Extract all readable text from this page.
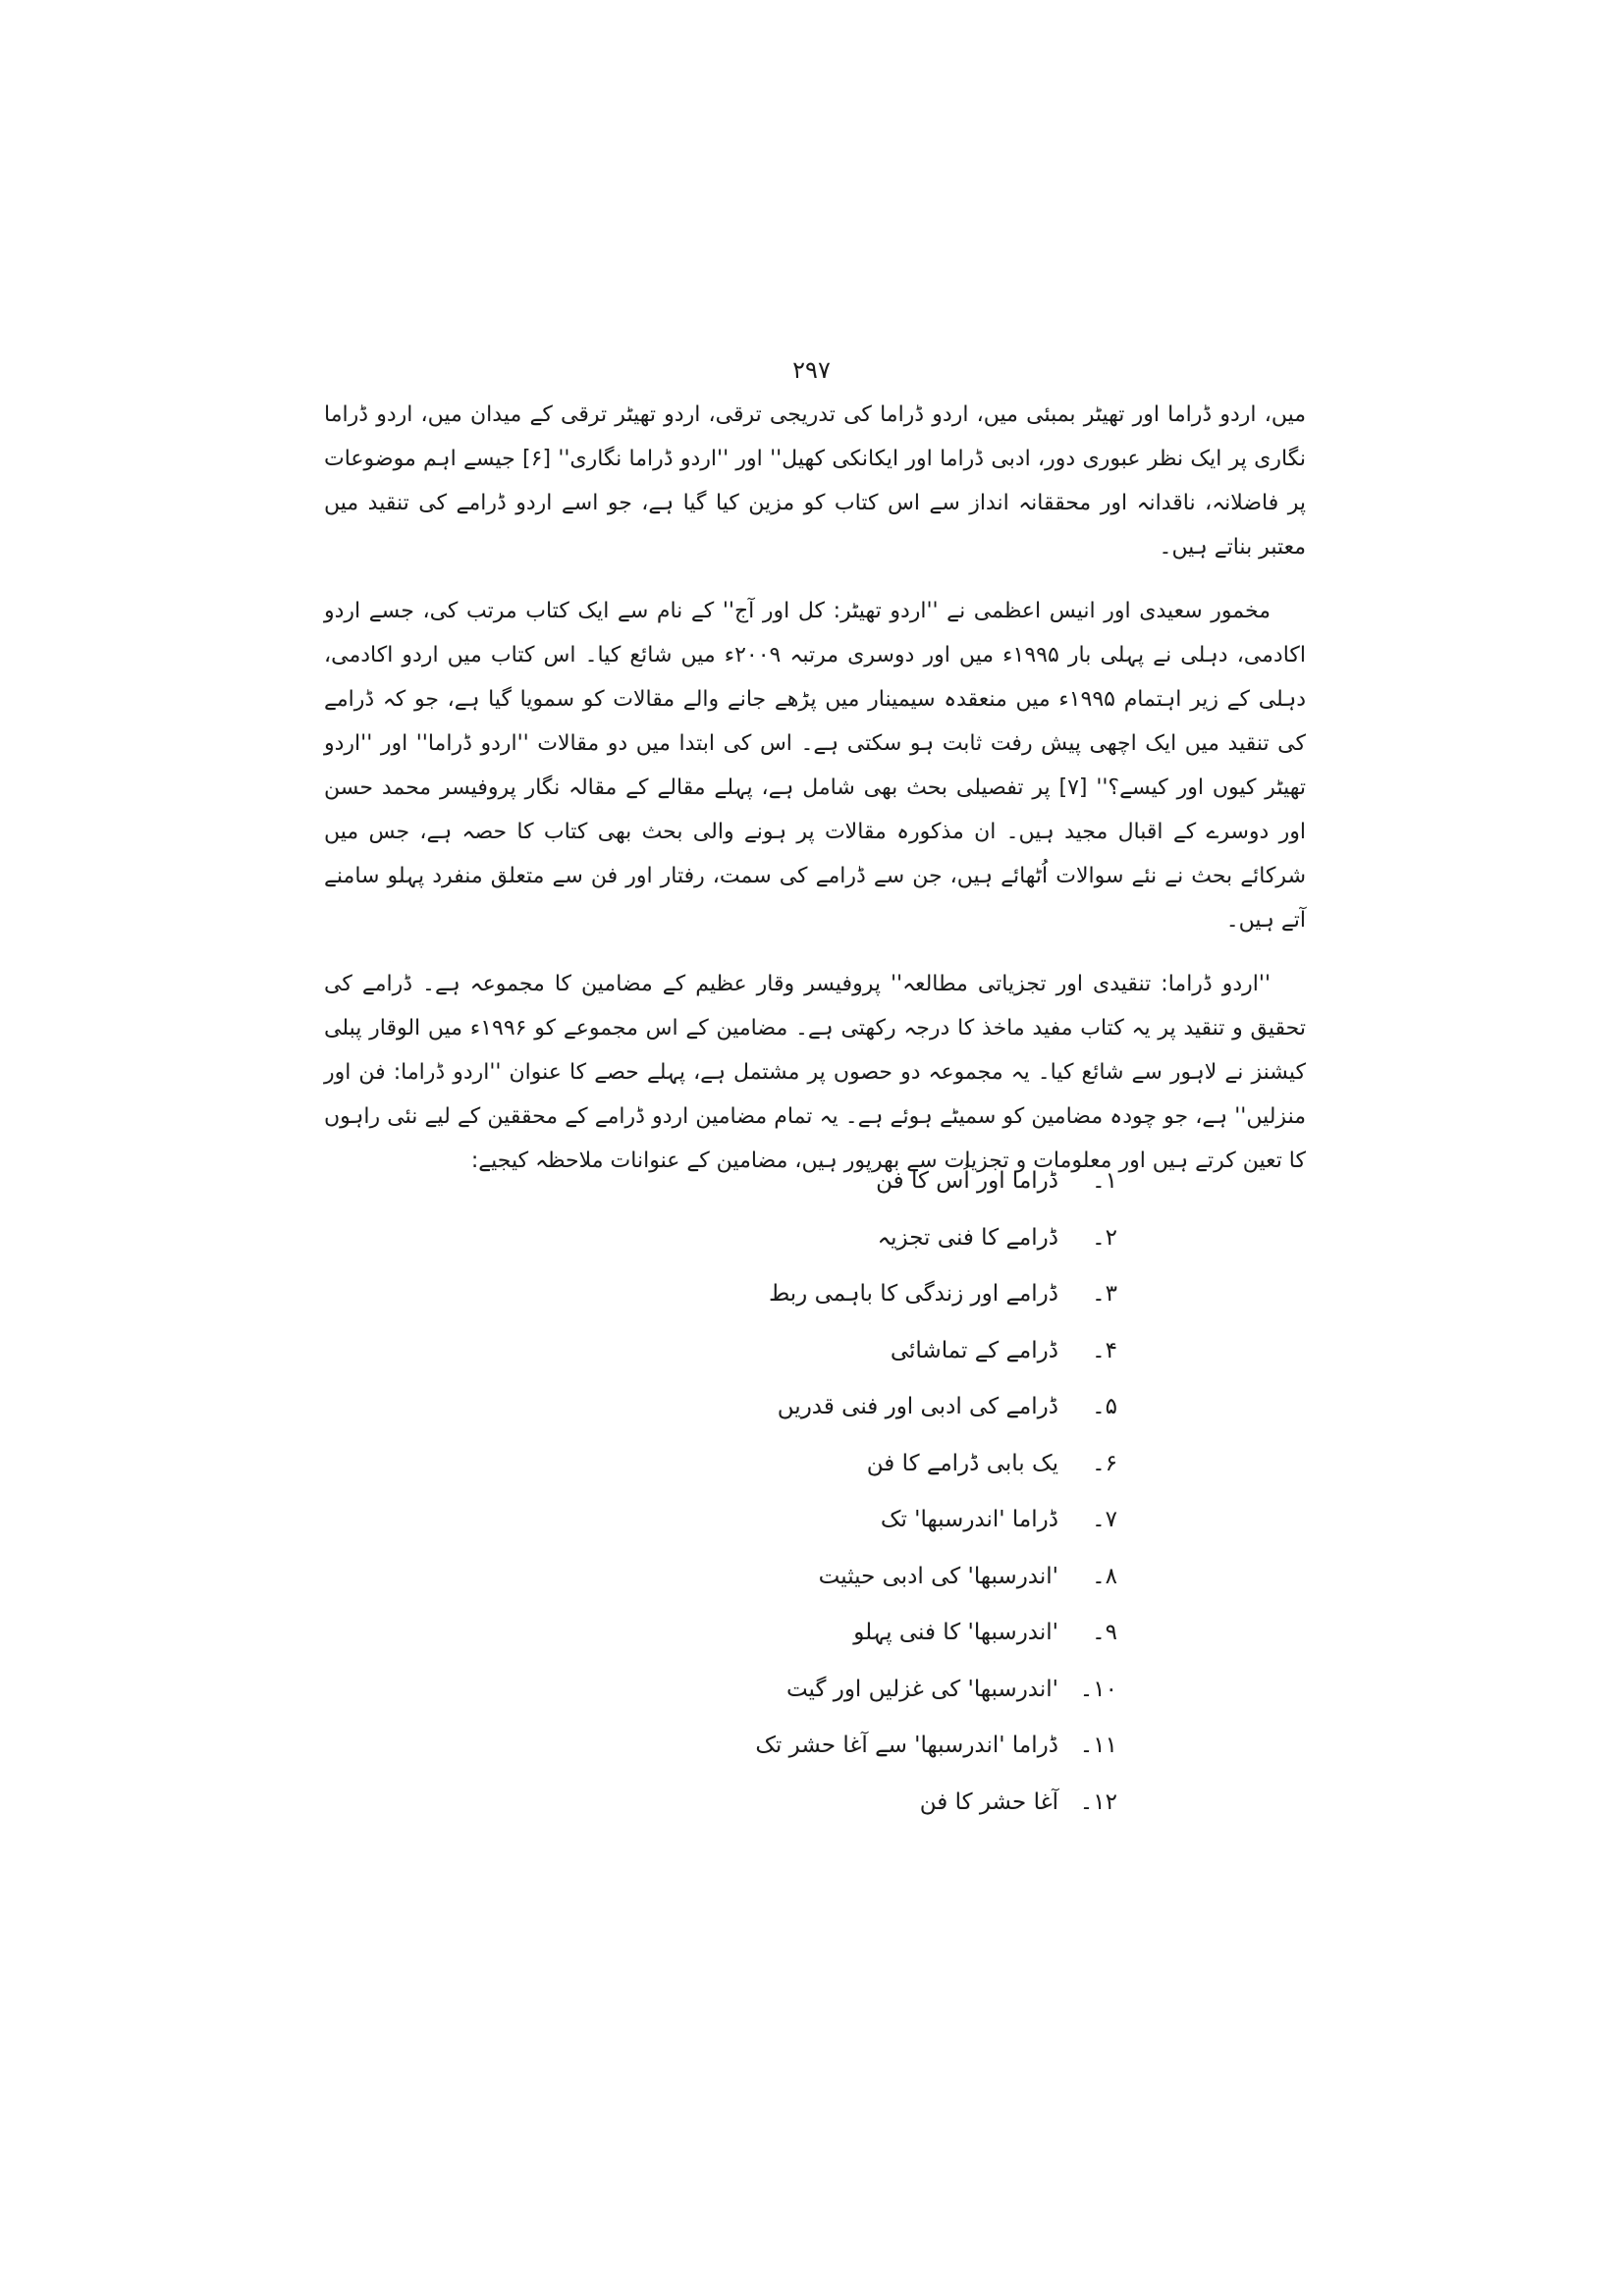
۲۹۷

میں، اردو ڈراما اور تھیٹر بمبئی میں، اردو ڈراما کی تدریجی ترقی، اردو تھیٹر ترقی کے میدان میں، اردو ڈراما نگاری پر ایک نظر عبوری دور، ادبی ڈراما اور ایکانکی کھیل'' اور ''اردو ڈراما نگاری'' [۶] جیسے اہم موضوعات پر فاضلانہ، ناقدانہ اور محققانہ انداز سے اس کتاب کو مزین کیا گیا ہے، جو اسے اردو ڈرامے کی تنقید میں معتبر بناتے ہیں۔

مخمور سعیدی اور انیس اعظمی نے ''اردو تھیٹر: کل اور آج'' کے نام سے ایک کتاب مرتب کی، جسے اردو اکادمی، دہلی نے پہلی بار ۱۹۹۵ء میں اور دوسری مرتبہ ۲۰۰۹ء میں شائع کیا۔ اس کتاب میں اردو اکادمی، دہلی کے زیر اہتمام ۱۹۹۵ء میں منعقدہ سیمینار میں پڑھے جانے والے مقالات کو سمویا گیا ہے، جو کہ ڈرامے کی تنقید میں ایک اچھی پیش رفت ثابت ہو سکتی ہے۔ اس کی ابتدا میں دو مقالات ''اردو ڈراما'' اور ''اردو تھیٹر کیوں اور کیسے؟'' [۷] پر تفصیلی بحث بھی شامل ہے، پہلے مقالے کے مقالہ نگار پروفیسر محمد حسن اور دوسرے کے اقبال مجید ہیں۔ ان مذکورہ مقالات پر ہونے والی بحث بھی کتاب کا حصہ ہے، جس میں شرکائے بحث نے نئے سوالات اُٹھائے ہیں، جن سے ڈرامے کی سمت، رفتار اور فن سے متعلق منفرد پہلو سامنے آتے ہیں۔

''اردو ڈراما: تنقیدی اور تجزیاتی مطالعہ'' پروفیسر وقار عظیم کے مضامین کا مجموعہ ہے۔ ڈرامے کی تحقیق و تنقید پر یہ کتاب مفید ماخذ کا درجہ رکھتی ہے۔ مضامین کے اس مجموعے کو ۱۹۹۶ء میں الوقار پبلی کیشنز نے لاہور سے شائع کیا۔ یہ مجموعہ دو حصوں پر مشتمل ہے، پہلے حصے کا عنوان ''اردو ڈراما: فن اور منزلیں'' ہے، جو چودہ مضامین کو سمیٹے ہوئے ہے۔ یہ تمام مضامین اردو ڈرامے کے محققین کے لیے نئی راہوں کا تعین کرتے ہیں اور معلومات و تجزیات سے بھرپور ہیں، مضامین کے عنوانات ملاحظہ کیجیے:

۱۔ڈراما اور اُس کا فن
۲۔ڈرامے کا فنی تجزیہ
۳۔ڈرامے اور زندگی کا باہمی ربط
۴۔ڈرامے کے تماشائی
۵۔ڈرامے کی ادبی اور فنی قدریں
۶۔یک بابی ڈرامے کا فن
۷۔ڈراما 'اندرسبھا' تک
۸۔'اندرسبھا' کی ادبی حیثیت
۹۔'اندرسبھا' کا فنی پہلو
۱۰۔'اندرسبھا' کی غزلیں اور گیت
۱۱۔ڈراما 'اندرسبھا' سے آغا حشر تک
۱۲۔آغا حشر کا فن
